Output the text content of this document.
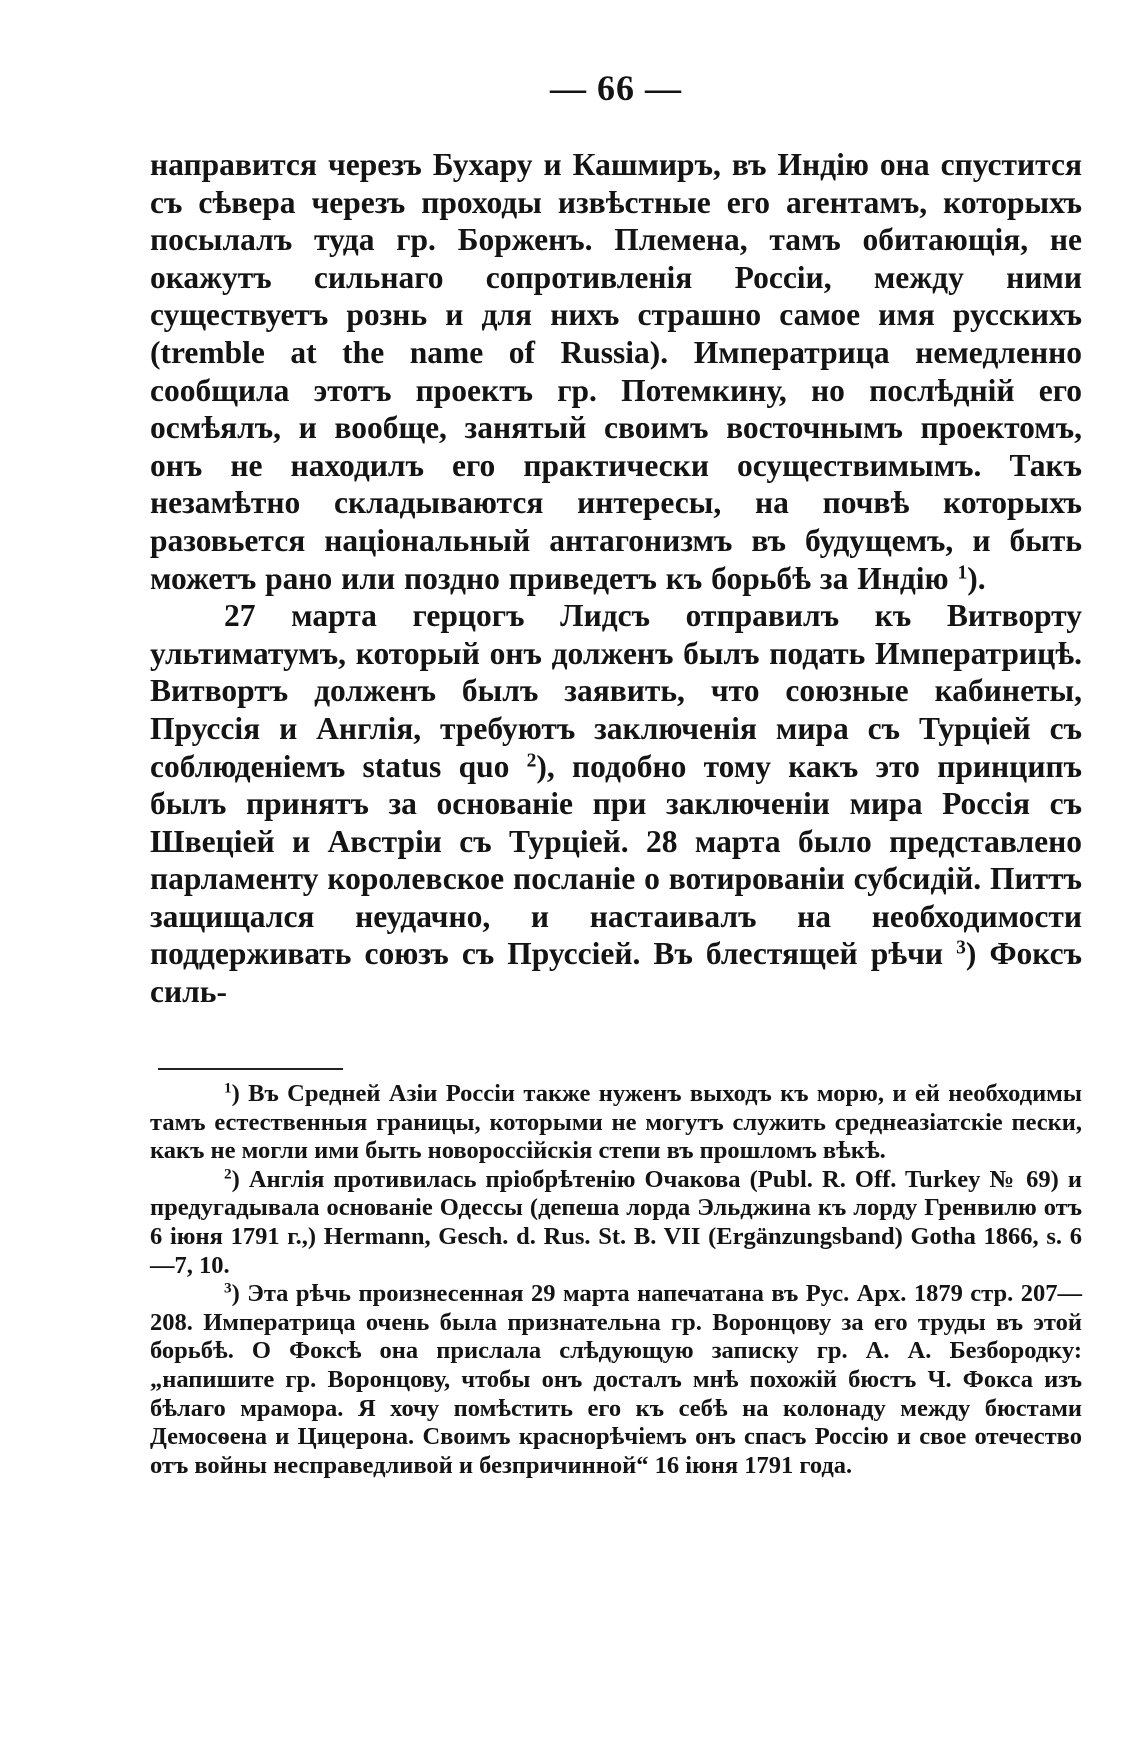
— 66 —

направится черезъ Бухару и Кашмиръ, въ Индію она спустится съ сѣвера черезъ проходы извѣстные его агентамъ, которыхъ посылалъ туда гр. Борженъ. Племена, тамъ обитающія, не окажутъ сильнаго сопротивленія Россіи, между ними существуетъ рознь и для нихъ страшно самое имя русскихъ (tremble at the name of Russia). Императрица немедленно сообщила этотъ проектъ гр. Потемкину, но послѣдній его осмѣялъ, и вообще, занятый своимъ восточнымъ проектомъ, онъ не находилъ его практически осуществимымъ. Такъ незамѣтно складываются интересы, на почвѣ которыхъ разовьется національный антагонизмъ въ будущемъ, и быть можетъ рано или поздно приведетъ къ борьбѣ за Индію $^1$).

27 марта герцогъ Лидсъ отправилъ къ Витворту ультиматумъ, который онъ долженъ былъ подать Императрицѣ. Витвортъ долженъ былъ заявить, что союзные кабинеты, Пруссія и Англія, требуютъ заключенія мира съ Турціей съ соблюденіемъ status quo $^2$), подобно тому какъ это принципъ былъ принятъ за основаніе при заключеніи мира Россія съ Швеціей и Австріи съ Турціей. 28 марта было представлено парламенту королевское посланіе о вотированіи субсидій. Питтъ защищался неудачно, и настаивалъ на необходимости поддерживать союзъ съ Пруссіей. Въ блестящей рѣчи $^3$) Фоксъ силь-

$^1$) Въ Средней Азіи Россіи также нуженъ выходъ къ морю, и ей необходимы тамъ естественныя границы, которыми не могутъ служить среднеазіатскіе пески, какъ не могли ими быть новороссійскія степи въ прошломъ вѣкѣ.

$^2$) Англія противилась пріобрѣтенію Очакова (Publ. R. Off. Turkey № 69) и предугадывала основаніе Одессы (депеша лорда Эльджина къ лорду Гренвилю отъ 6 іюня 1791 г.,) Hermann, Gesch. d. Rus. St. B. VII (Ergänzungsband) Gotha 1866, s. 6—7, 10.

$^3$) Эта рѣчь произнесенная 29 марта напечатана въ Рус. Арх. 1879 стр. 207—208. Императрица очень была признательна гр. Воронцову за его труды въ этой борьбѣ. О Фоксѣ она прислала слѣдующую записку гр. А. А. Безбородку: „напишите гр. Воронцову, чтобы онъ досталъ мнѣ похожій бюстъ Ч. Фокса изъ бѣлаго мрамора. Я хочу помѣстить его къ себѣ на колонаду между бюстами Демосѳена и Цицерона. Своимъ краснорѣчіемъ онъ спасъ Россію и свое отечество отъ войны несправедливой и безпричинной“ 16 іюня 1791 года.
